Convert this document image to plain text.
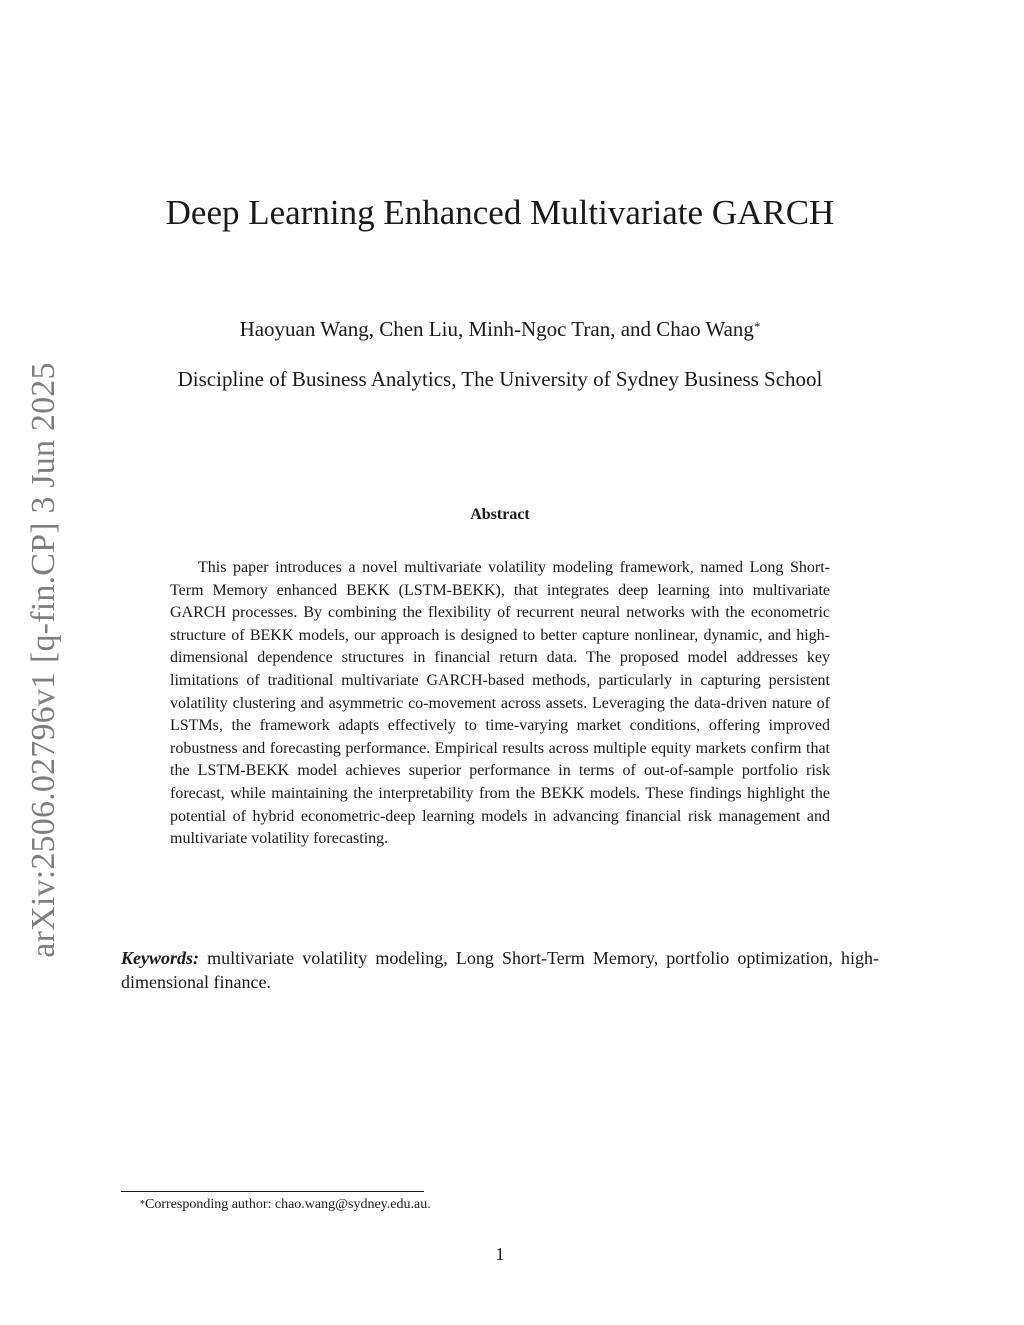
arXiv:2506.02796v1 [q-fin.CP] 3 Jun 2025
Deep Learning Enhanced Multivariate GARCH
Haoyuan Wang, Chen Liu, Minh-Ngoc Tran, and Chao Wang*
Discipline of Business Analytics, The University of Sydney Business School
Abstract

This paper introduces a novel multivariate volatility modeling framework, named Long Short-Term Memory enhanced BEKK (LSTM-BEKK), that integrates deep learning into multivariate GARCH processes. By combining the flexibility of recurrent neural networks with the econometric structure of BEKK models, our approach is designed to better capture nonlinear, dynamic, and high-dimensional dependence structures in financial return data. The proposed model addresses key limitations of traditional multivariate GARCH-based methods, particularly in capturing persistent volatility clustering and asymmetric co-movement across assets. Leveraging the data-driven nature of LSTMs, the framework adapts effectively to time-varying market conditions, offering improved robustness and forecasting performance. Empirical results across multiple equity markets confirm that the LSTM-BEKK model achieves superior performance in terms of out-of-sample portfolio risk forecast, while maintaining the interpretability from the BEKK models. These findings highlight the potential of hybrid econometric-deep learning models in advancing financial risk management and multivariate volatility forecasting.

Keywords: multivariate volatility modeling, Long Short-Term Memory, portfolio optimization, high-dimensional finance.

*Corresponding author: chao.wang@sydney.edu.au.
1
